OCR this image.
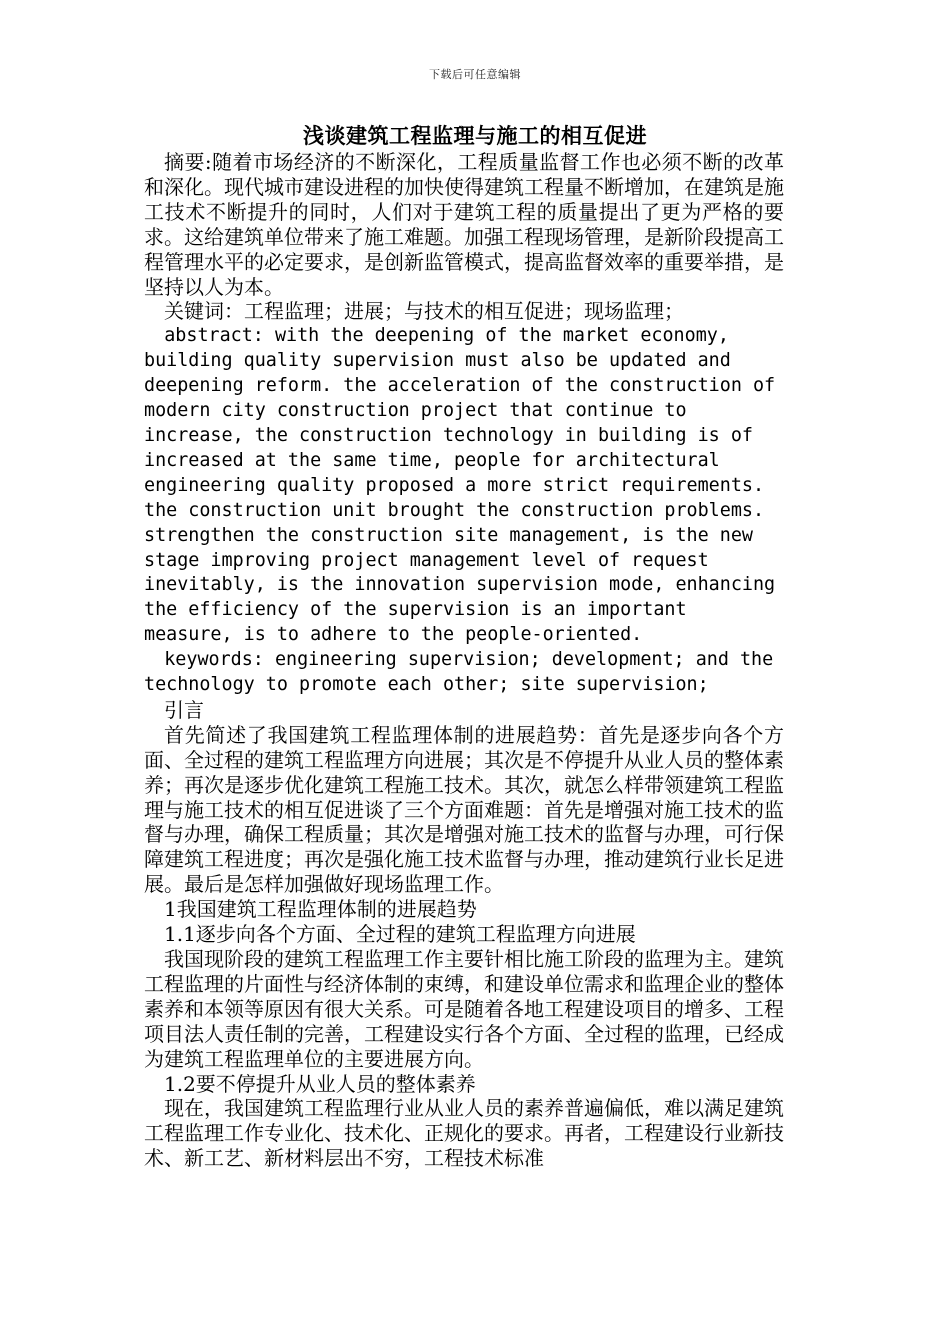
下载后可任意编辑
浅谈建筑工程监理与施工的相互促进

摘要:随着市场经济的不断深化，工程质量监督工作也必须不断的改革和深化。现代城市建设进程的加快使得建筑工程量不断增加，在建筑是施工技术不断提升的同时，人们对于建筑工程的质量提出了更为严格的要求。这给建筑单位带来了施工难题。加强工程现场管理，是新阶段提高工程管理水平的必定要求，是创新监管模式，提高监督效率的重要举措，是坚持以人为本。

关键词：工程监理；进展；与技术的相互促进；现场监理；

abstract: with the deepening of the market economy, building quality supervision must also be updated and deepening reform. the acceleration of the construction of modern city construction project that continue to increase, the construction technology in building is of increased at the same time, people for architectural engineering quality proposed a more strict requirements. the construction unit brought the construction problems. strengthen the construction site management, is the new stage improving project management level of request inevitably, is the innovation supervision mode, enhancing the efficiency of the supervision is an important measure, is to adhere to the people-oriented.

keywords: engineering supervision; development; and the technology to promote each other; site supervision;

引言

首先简述了我国建筑工程监理体制的进展趋势：首先是逐步向各个方面、全过程的建筑工程监理方向进展；其次是不停提升从业人员的整体素养；再次是逐步优化建筑工程施工技术。其次，就怎么样带领建筑工程监理与施工技术的相互促进谈了三个方面难题：首先是增强对施工技术的监督与办理，确保工程质量；其次是增强对施工技术的监督与办理，可行保障建筑工程进度；再次是强化施工技术监督与办理，推动建筑行业长足进展。最后是怎样加强做好现场监理工作。

1我国建筑工程监理体制的进展趋势

1.1逐步向各个方面、全过程的建筑工程监理方向进展

我国现阶段的建筑工程监理工作主要针相比施工阶段的监理为主。建筑工程监理的片面性与经济体制的束缚，和建设单位需求和监理企业的整体素养和本领等原因有很大关系。可是随着各地工程建设项目的增多、工程项目法人责任制的完善，工程建设实行各个方面、全过程的监理，已经成为建筑工程监理单位的主要进展方向。

1.2要不停提升从业人员的整体素养

现在，我国建筑工程监理行业从业人员的素养普遍偏低，难以满足建筑工程监理工作专业化、技术化、正规化的要求。再者，工程建设行业新技术、新工艺、新材料层出不穷，工程技术标准
